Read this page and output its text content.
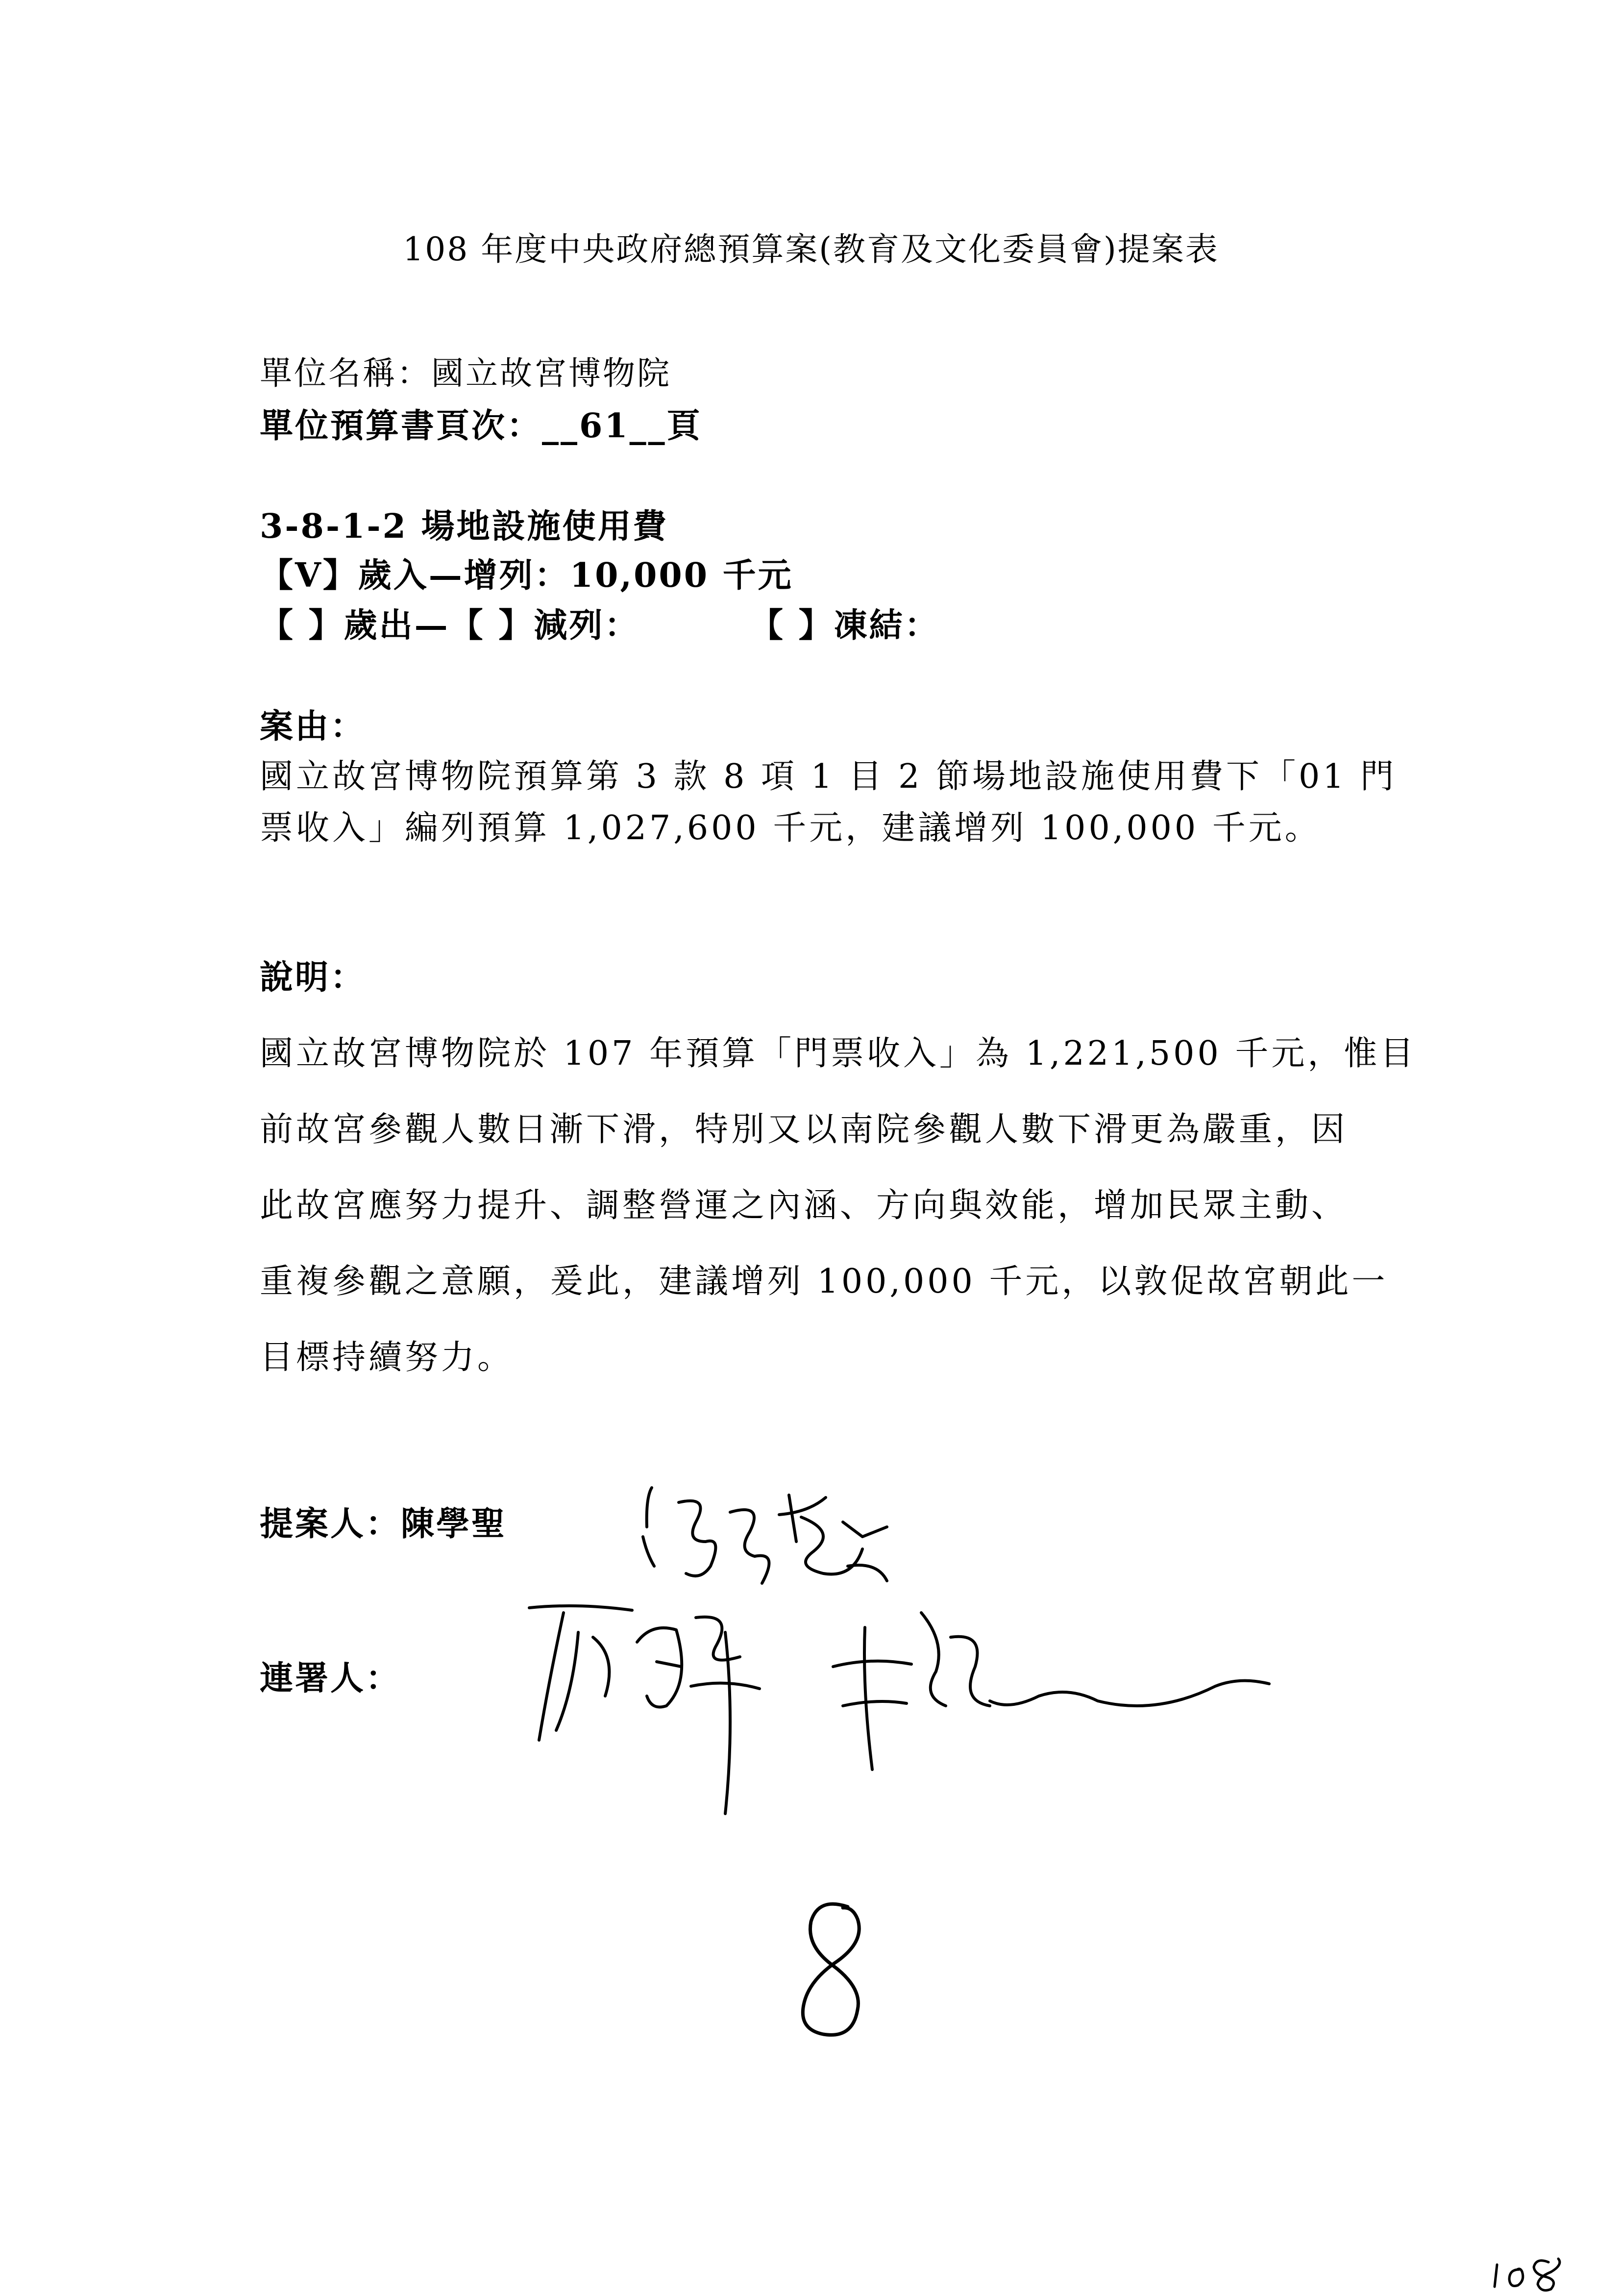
108 年度中央政府總預算案(教育及文化委員會)提案表
單位名稱：國立故宮博物院
單位預算書頁次：__61__頁
3-8-1-2 場地設施使用費
【V】歲入—增列：10,000 千元
【 】歲出—【 】減列：	【 】凍結：
案由：
國立故宮博物院預算第 3 款 8 項 1 目 2 節場地設施使用費下「01 門
票收入」編列預算 1,027,600 千元，建議增列 100,000 千元。
說明：
國立故宮博物院於 107 年預算「門票收入」為 1,221,500 千元，惟目
前故宮參觀人數日漸下滑，特別又以南院參觀人數下滑更為嚴重，因
此故宮應努力提升、調整營運之內涵、方向與效能，增加民眾主動、
重複參觀之意願，爰此，建議增列 100,000 千元，以敦促故宮朝此一
目標持續努力。
提案人：陳學聖
連署人：
